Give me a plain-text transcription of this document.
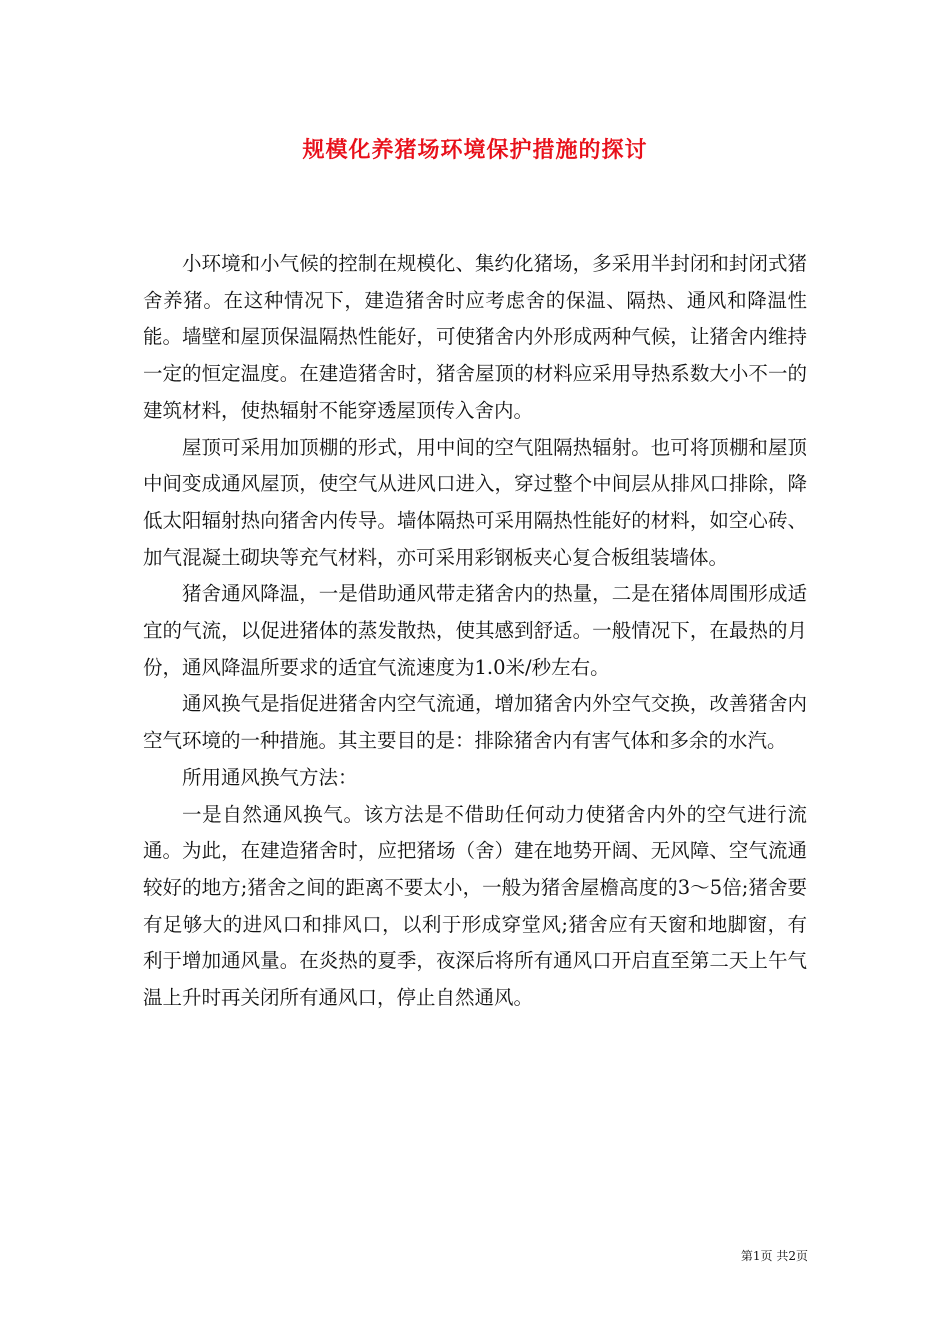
规模化养猪场环境保护措施的探讨

小环境和小气候的控制在规模化、集约化猪场，多采用半封闭和封闭式猪舍养猪。在这种情况下，建造猪舍时应考虑舍的保温、隔热、通风和降温性能。墙壁和屋顶保温隔热性能好，可使猪舍内外形成两种气候，让猪舍内维持一定的恒定温度。在建造猪舍时，猪舍屋顶的材料应采用导热系数大小不一的建筑材料，使热辐射不能穿透屋顶传入舍内。

屋顶可采用加顶棚的形式，用中间的空气阻隔热辐射。也可将顶棚和屋顶中间变成通风屋顶，使空气从进风口进入，穿过整个中间层从排风口排除，降低太阳辐射热向猪舍内传导。墙体隔热可采用隔热性能好的材料，如空心砖、加气混凝土砌块等充气材料，亦可采用彩钢板夹心复合板组装墙体。

猪舍通风降温，一是借助通风带走猪舍内的热量，二是在猪体周围形成适宜的气流，以促进猪体的蒸发散热，使其感到舒适。一般情况下，在最热的月份，通风降温所要求的适宜气流速度为1.0米/秒左右。

通风换气是指促进猪舍内空气流通，增加猪舍内外空气交换，改善猪舍内空气环境的一种措施。其主要目的是：排除猪舍内有害气体和多余的水汽。

所用通风换气方法：

一是自然通风换气。该方法是不借助任何动力使猪舍内外的空气进行流通。为此，在建造猪舍时，应把猪场（舍）建在地势开阔、无风障、空气流通较好的地方;猪舍之间的距离不要太小，一般为猪舍屋檐高度的3～5倍;猪舍要有足够大的进风口和排风口，以利于形成穿堂风;猪舍应有天窗和地脚窗，有利于增加通风量。在炎热的夏季，夜深后将所有通风口开启直至第二天上午气温上升时再关闭所有通风口，停止自然通风。

第1页 共2页
